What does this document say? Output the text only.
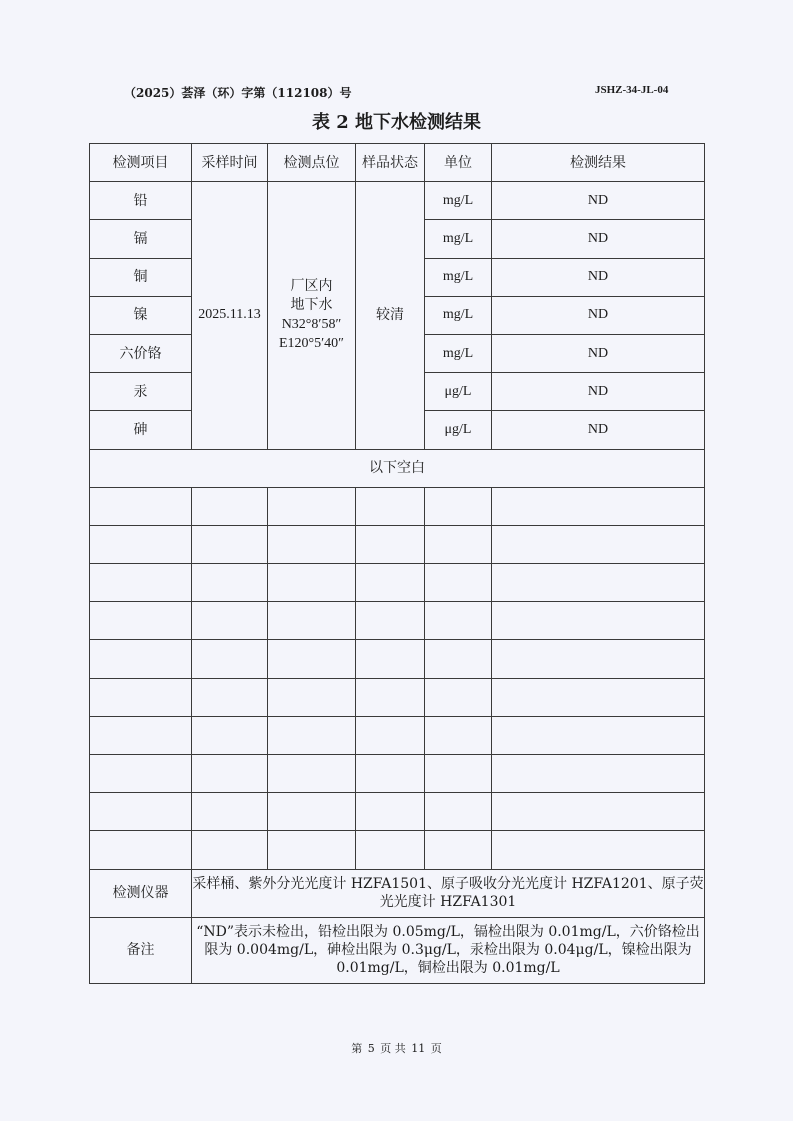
（2025）荟泽（环）字第（112108）号	JSHZ-34-JL-04
表 2 地下水检测结果
检测项目	采样时间	检测点位	样品状态	单位	检测结果
铅	2025.11.13	厂区内
地下水
N32°8′58″
E120°5′40″	较清	mg/L	ND
镉				mg/L	ND
铜				mg/L	ND
镍				mg/L	ND
六价铬				mg/L	ND
汞				μg/L	ND
砷				μg/L	ND
以下空白					

检测仪器	采样桶、紫外分光光度计 HZFA1501、原子吸收分光光度计 HZFA1201、原子荧光光度计 HZFA1301				
备注	“ND”表示未检出，铅检出限为 0.05mg/L，镉检出限为 0.01mg/L，六价铬检出限为 0.004mg/L，砷检出限为 0.3μg/L，汞检出限为 0.04μg/L，镍检出限为 0.01mg/L，铜检出限为 0.01mg/L				
第 5 页 共 11 页
